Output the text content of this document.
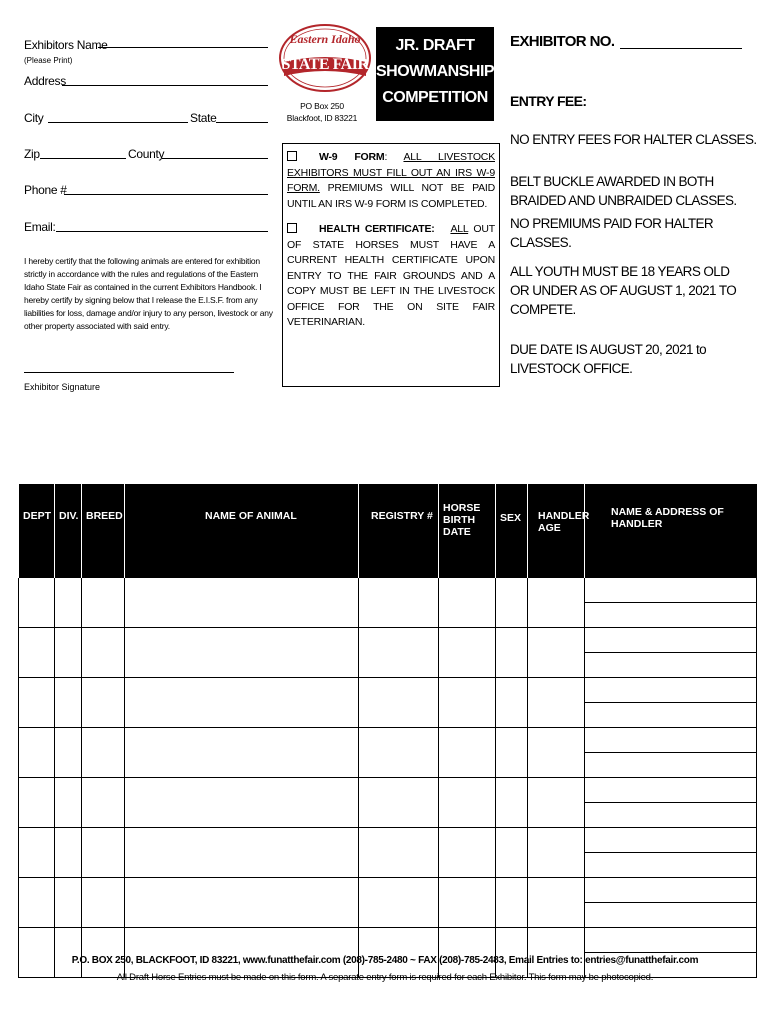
Exhibitors Name
(Please Print)
Address
City	State
Zip	County
Phone #
Email:
I hereby certify that the following animals are entered for exhibition strictly in accordance with the rules and regulations of the Eastern Idaho State Fair as contained in the current Exhibitors Handbook. I hereby certify by signing below that I release the E.I.S.F. from any liabilities for loss, damage and/or injury to any person, livestock or any other property associated with said entry.
Exhibitor Signature
Eastern Idaho
STATE FAIR
PO Box 250
Blackfoot, ID 83221
JR. DRAFT
SHOWMANSHIP
COMPETITION
W-9 FORM: ALL LIVESTOCK EXHIBITORS MUST FILL OUT AN IRS W-9 FORM. PREMIUMS WILL NOT BE PAID UNTIL AN IRS W-9 FORM IS COMPLETED.
HEALTH CERTIFICATE: ALL OUT OF STATE HORSES MUST HAVE A CURRENT HEALTH CERTIFICATE UPON ENTRY TO THE FAIR GROUNDS AND A COPY MUST BE LEFT IN THE LIVESTOCK OFFICE FOR THE ON SITE FAIR VETERINARIAN.
EXHIBITOR NO.
ENTRY FEE:
NO ENTRY FEES FOR HALTER CLASSES.
BELT BUCKLE AWARDED IN BOTH BRAIDED AND UNBRAIDED CLASSES.
NO PREMIUMS PAID FOR HALTER CLASSES.
ALL YOUTH MUST BE 18 YEARS OLD OR UNDER AS OF AUGUST 1, 2021 TO COMPETE.
DUE DATE IS AUGUST 20, 2021 to LIVESTOCK OFFICE.
DEPT	DIV.	BREED	NAME OF ANIMAL	REGISTRY #	HORSE BIRTH DATE	SEX	HANDLER AGE	NAME & ADDRESS OF HANDLER

P.O. BOX 250, BLACKFOOT, ID 83221, www.funatthefair.com (208)-785-2480 ~ FAX (208)-785-2483, Email Entries to: entries@funatthefair.com
All Draft Horse Entries must be made on this form. A separate entry form is required for each Exhibitor. This form may be photocopied.
